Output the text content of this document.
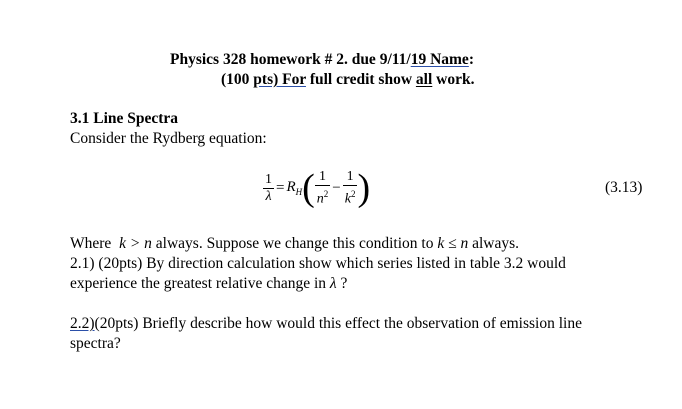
Physics 328 homework # 2. due 9/11/19 Name:
(100 pts) For full credit show all work.
3.1 Line Spectra
Consider the Rydberg equation:
$\frac{1}{\lambda} = R_H$ ( $\frac{1}{n^2} - \frac{1}{k^2}$ )	(3.13)
Where k > n always. Suppose we change this condition to k ≤ n always.
2.1) (20pts) By direction calculation show which series listed in table 3.2 would
experience the greatest relative change in λ ?
2.2)(20pts) Briefly describe how would this effect the observation of emission line
spectra?
